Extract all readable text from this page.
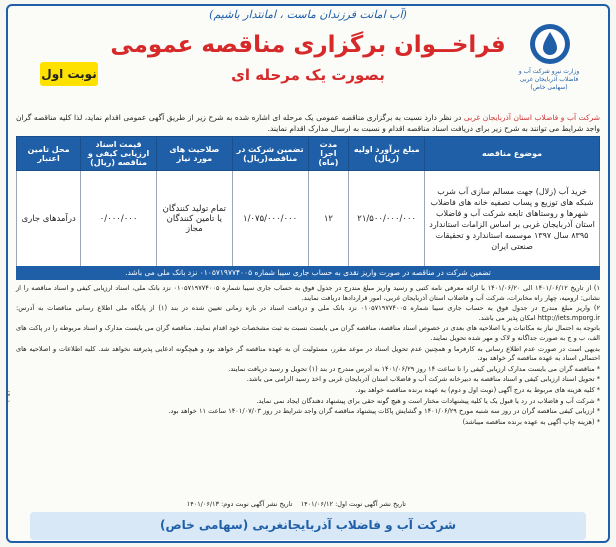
(آب امانت فرزندان ماست ، امانتدار باشیم)
فراخــوان برگزاری مناقصه عمومی
بصورت یک مرحله ای
نوبت اول	وزارت نیرو شرکت آب و فاضلاب آذربایجان غربی (سهامی خاص)
شرکت آب و فاضلاب استان آذربایجان غربی در نظر دارد نسبت به برگزاری مناقصه عمومی یک مرحله ای اشاره شده به شرح زیر از طریق آگهی عمومی اقدام نماید، لذا کلیه مناقصه گران واجد شرایط می توانند به شرح زیر برای دریافت اسناد مناقصه اقدام و نسبت به ارسال مدارک اقدام نمایند.
موضوع مناقصه	مبلغ برآورد اولیه (ریال)	مدت اجرا (ماه)	تضمین شرکت در مناقصه(ریال)	صلاحیت های مورد نیاز	قیمت اسناد ارزیابی کیفی و مناقصه (ریال)	محل تامین اعتبار
خرید آب (زلال) جهت مسالم سازی آب شرب شبکه های توزیع و پساب تصفیه خانه های فاضلاب شهرها و روستاهای تابعه شرکت آب و فاضلاب استان آذربایجان غربی بر اساس الزامات استاندارد ۸۳۹۵ سال ۱۳۹۷ موسسه استاندارد و تحقیقات صنعتی ایران	۲۱/۵۰۰/۰۰۰/۰۰۰	۱۲	۱/۰۷۵/۰۰۰/۰۰۰	تمام تولید کنندگان یا تامین کنندگان مجاز	۰/۰۰۰/۰۰۰	درآمدهای جاری
تضمین شرکت در مناقصه در صورت واریز نقدی به حساب جاری سیبا شماره ۰۱۰۵۷۱۹۷۷۴۰۰۵ نزد بانک ملی می باشد.

۱) از تاریخ ۱۴۰۱/۰۶/۱۲ الی ۱۴۰۱/۰۶/۲۰ با ارائه معرفی نامه کتبی و رسید واریز مبلغ مندرج در جدول فوق به حساب جاری سیبا شماره ۰۱۰۵۷۱۹۷۷۴۰۰۵ نزد بانک ملی، اسناد ارزیابی کیفی و اسناد مناقصه را از نشانی: ارومیه، چهار راه مخابرات، شرکت آب و فاضلاب استان آذربایجان غربی، امور قراردادها دریافت نمایند.

۲) واریز مبلغ مندرج در جدول فوق به حساب جاری سیبا شماره ۰۱۰۵۷۱۹۷۷۴۰۰۵ نزد بانک ملی و دریافت اسناد در بازه زمانی تعیین شده در بند (۱) از پایگاه ملی اطلاع رسانی مناقصات به آدرس: http://iets.mporg.ir امکان پذیر می باشد.

باتوجه به احتمال نیاز به مکاتبات و یا اصلاحیه های بعدی در خصوص اسناد مناقصه، مناقصه گران می بایست نسبت به ثبت مشخصات خود اقدام نمایند. مناقصه گران می بایست مدارک و اسناد مربوطه را در پاکت های الف، ب و ج به صورت جداگانه و لاک و مهر شده تحویل نمایند.

بدیهی است در صورت عدم اطلاع رسانی به کارفرما و همچنین عدم تحویل اسناد در موعد مقرر، مسئولیت آن به عهده مناقصه گر خواهد بود و هیچگونه ادعایی پذیرفته نخواهد شد. کلیه اطلاعات و اصلاحیه های احتمالی اسناد به عهده مناقصه گر خواهد بود.

* مناقصه گران می بایست مدارک ارزیابی کیفی را تا ساعت ۱۴ روز ۱۴۰۱/۰۶/۲۹ به آدرس مندرج در بند (۱) تحویل و رسید دریافت نمایند.

* تحویل اسناد ارزیابی کیفی و اسناد مناقصه به دبیرخانه شرکت آب و فاضلاب استان آذربایجان غربی و اخذ رسید الزامی می باشد.

* کلیه هزینه های مربوط به درج آگهی (نوبت اول و دوم) به عهده برنده مناقصه خواهد بود.

* شرکت آب و فاضلاب در رد یا قبول یک یا کلیه پیشنهادات مختار است و هیچ گونه حقی برای پیشنهاد دهندگان ایجاد نمی نماید.

* ارزیابی کیفی مناقصه گران در روز سه شنبه مورخ ۱۴۰۱/۰۶/۲۹ و گشایش پاکات پیشنهاد مناقصه گران واجد شرایط در روز ۱۴۰۱/۰۷/۰۳ ساعت ۱۱ خواهد بود.

* (هزینه چاپ آگهی به عهده برنده مناقصه میباشد)

تاریخ نشر آگهی نوبت اول: ۱۴۰۱/۰۶/۱۲    تاریخ نشر آگهی نوبت دوم: ۱۴۰۱/۰۶/۱۳
شرکت آب و فاضلاب آذربایجانغربی (سهامی خاص)
۱۴۰۱
